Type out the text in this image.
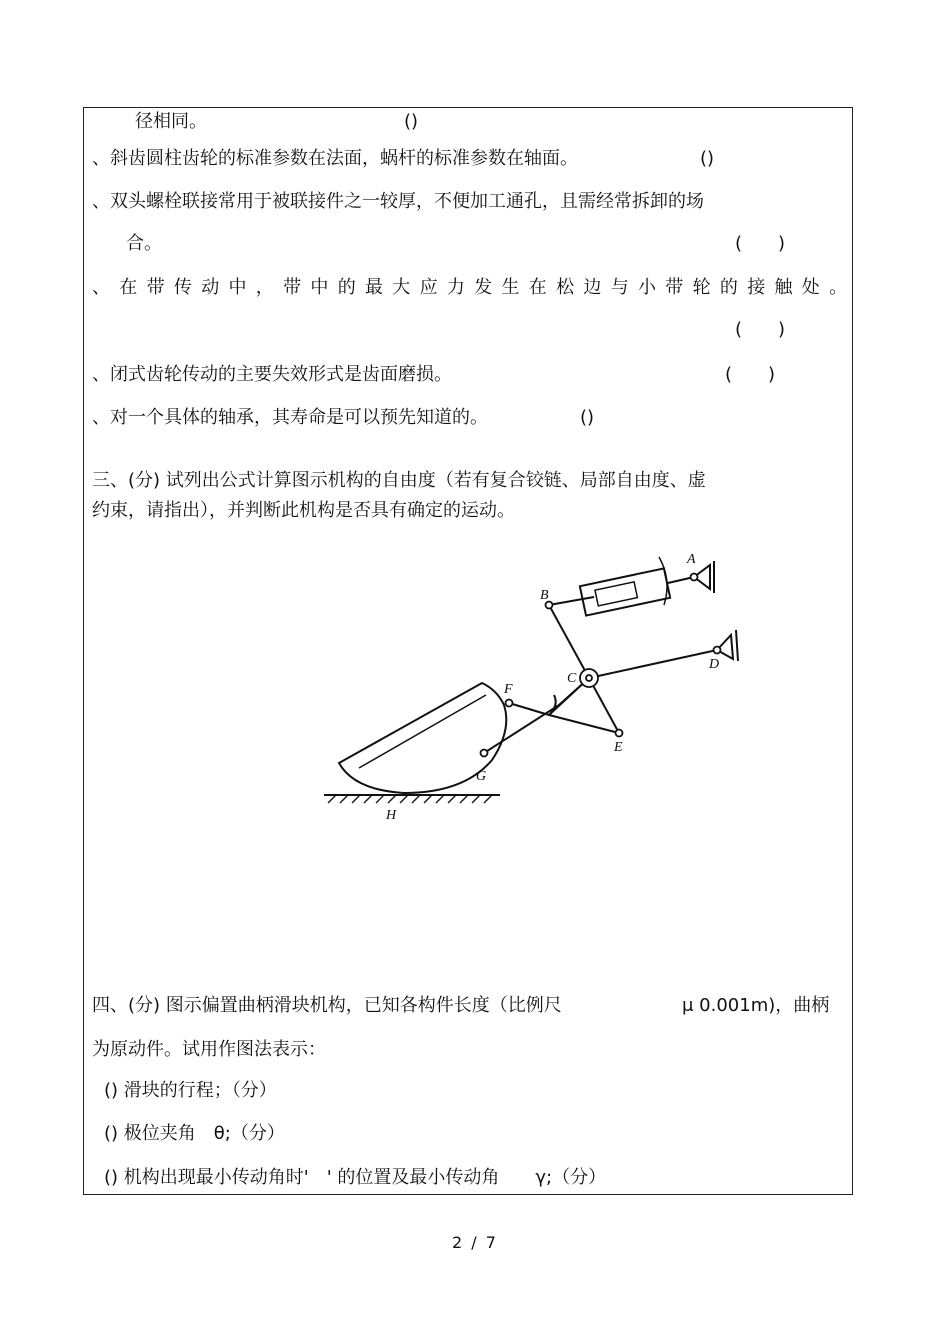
径相同。	()
、斜齿圆柱齿轮的标准参数在法面，蜗杆的标准参数在轴面。	()
、双头螺栓联接常用于被联接件之一较厚，不便加工通孔，且需经常拆卸的场
合。	(　　)
、在带传动中，带中的最大应力发生在松边与小带轮的接触处。
(　　)
、闭式齿轮传动的主要失效形式是齿面磨损。	(　　)
、对一个具体的轴承，其寿命是可以预先知道的。	()
三、(分) 试列出公式计算图示机构的自由度（若有复合铰链、局部自由度、虚
约束，请指出），并判断此机构是否具有确定的运动。
A
B
C
D
E
F
G
H
四、(分) 图示偏置曲柄滑块机构，已知各构件长度（比例尺	μ 0.001m)，曲柄
为原动件。试用作图法表示：
() 滑块的行程；（分）
() 极位夹角　θ;（分）
() 机构出现最小传动角时'　' 的位置及最小传动角　　γ;（分）
2 / 7
